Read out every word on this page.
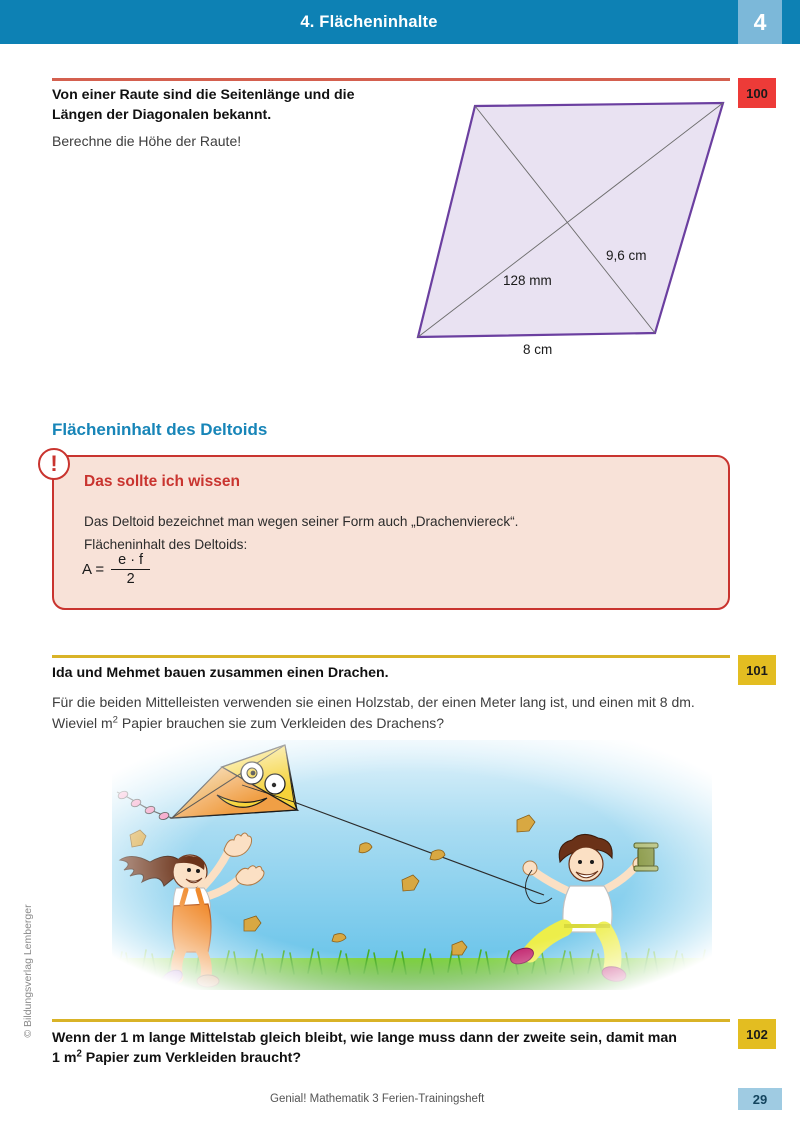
4. Flächeninhalte	4
100
Von einer Raute sind die Seitenlänge und die
Längen der Diagonalen bekannt.
Berechne die Höhe der Raute!
128 mm
9,6 cm
8 cm
Flächeninhalt des Deltoids
Das sollte ich wissen
Das Deltoid bezeichnet man wegen seiner Form auch „Drachenviereck“.
Flächeninhalt des Deltoids:
!
$A = \frac{e \cdot f}{2}$
101
Ida und Mehmet bauen zusammen einen Drachen.
Für die beiden Mittelleisten verwenden sie einen Holzstab, der einen Meter lang ist, und einen mit 8 dm.
Wieviel $m^2$ Papier brauchen sie zum Verkleiden des Drachens?
102
Wenn der 1 m lange Mittelstab gleich bleibt, wie lange muss dann der zweite sein, damit man
1 $m^2$ Papier zum Verkleiden braucht?
Genial! Mathematik 3 Ferien-Trainingsheft	29
© Bildungsverlag Lemberger
